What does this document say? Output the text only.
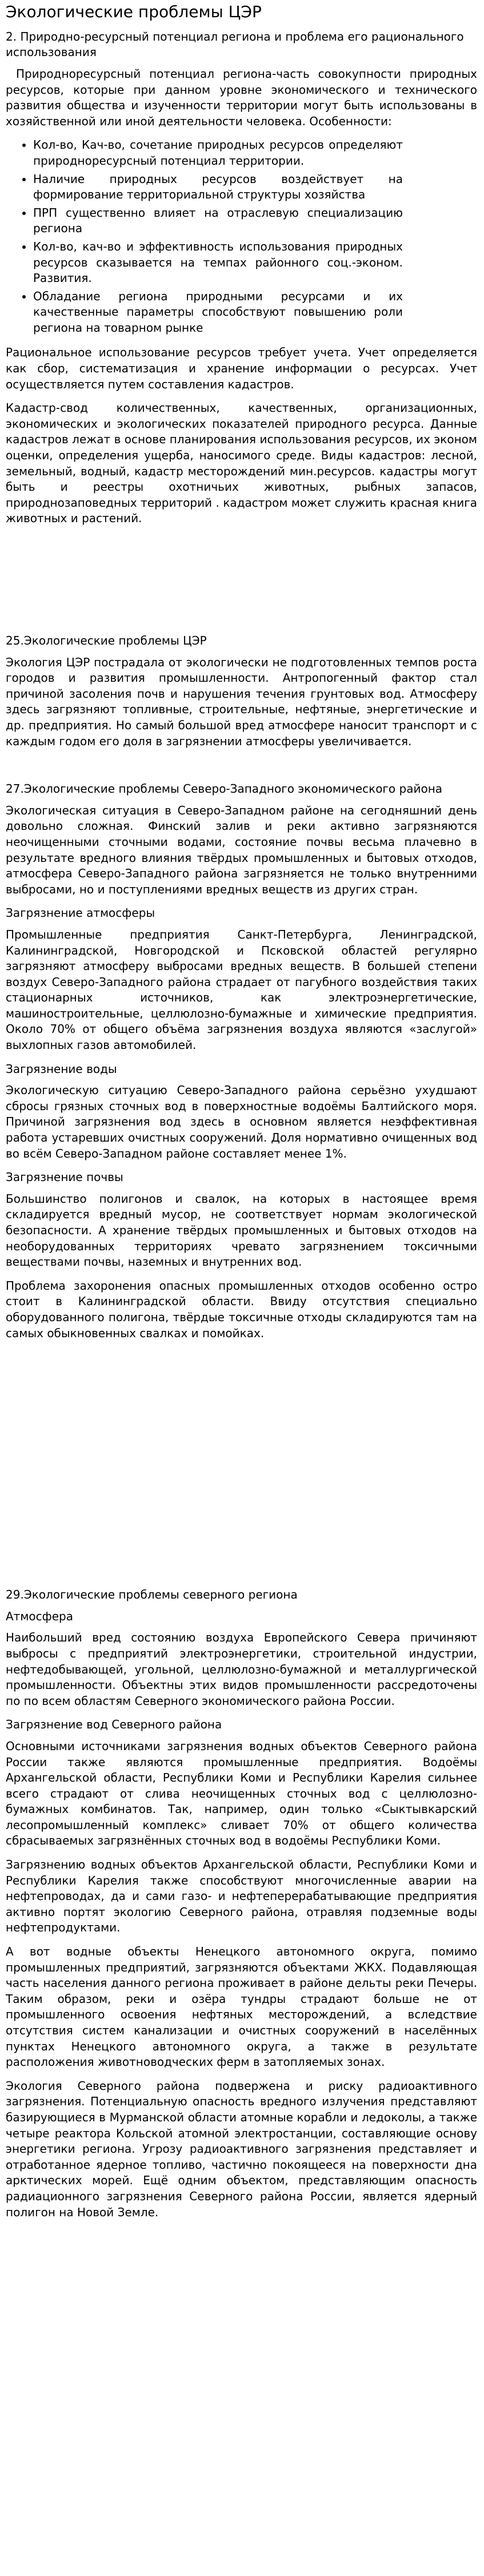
Экологические проблемы ЦЭР
2. Природно-ресурсный потенциал региона и проблема его рационального использования

Природноресурсный потенциал региона-часть совокупности природных ресурсов, которые при данном уровне экономического и технического развития общества и изученности территории могут быть использованы в хозяйственной или иной деятельности человека. Особенности:

• Кол-во, Кач-во, сочетание природных ресурсов определяют природноресурсный потенциал территории.
• Наличие природных ресурсов воздействует на формирование территориальной структуры хозяйства
• ПРП существенно влияет на отраслевую специализацию региона
• Кол-во, кач-во и эффективность использования природных ресурсов сказывается на темпах районного соц.-эконом. Развития.
• Обладание региона природными ресурсами и их качественные параметры способствуют повышению роли региона на товарном рынке

Рациональное использование ресурсов требует учета. Учет определяется как сбор, систематизация и хранение информации о ресурсах. Учет осуществляется путем составления кадастров.

Кадастр-свод количественных, качественных, организационных, экономических и экологических показателей природного ресурса. Данные кадастров лежат в основе планирования использования ресурсов, их эконом оценки, определения ущерба, наносимого среде. Виды кадастров: лесной, земельный, водный, кадастр месторождений мин.ресурсов. кадастры могут быть и реестры охотничьих животных, рыбных запасов, природнозаповедных территорий . кадастром может служить красная книга животных и растений.

25.Экологические проблемы ЦЭР

Экология ЦЭР пострадала от экологически не подготовленных темпов роста городов и развития промышленности. Антропогенный фактор стал причиной засоления почв и нарушения течения грунтовых вод. Атмосферу здесь загрязняют топливные, строительные, нефтяные, энергетические и др. предприятия. Но самый большой вред атмосфере наносит транспорт и с каждым годом его доля в загрязнении атмосферы увеличивается.

27.Экологические проблемы Северо-Западного экономического района

Экологическая ситуация в Северо-Западном районе на сегодняшний день довольно сложная. Финский залив и реки активно загрязняются неочищенными сточными водами, состояние почвы весьма плачевно в результате вредного влияния твёрдых промышленных и бытовых отходов, атмосфера Северо-Западного района загрязняется не только внутренними выбросами, но и поступлениями вредных веществ из других стран.

Загрязнение атмосферы

Промышленные предприятия Санкт-Петербурга, Ленинградской, Калининградской, Новгородской и Псковской областей регулярно загрязняют атмосферу выбросами вредных веществ. В большей степени воздух Северо-Западного района страдает от пагубного воздействия таких стационарных источников, как электроэнергетические, машиностроительные, целлюлозно-бумажные и химические предприятия. Около 70% от общего объёма загрязнения воздуха являются «заслугой» выхлопных газов автомобилей.

Загрязнение воды

Экологическую ситуацию Северо-Западного района серьёзно ухудшают сбросы грязных сточных вод в поверхностные водоёмы Балтийского моря. Причиной загрязнения вод здесь в основном является неэффективная работа устаревших очистных сооружений. Доля нормативно очищенных вод во всём Северо-Западном районе составляет менее 1%.

Загрязнение почвы

Большинство полигонов и свалок, на которых в настоящее время складируется вредный мусор, не соответствует нормам экологической безопасности. А хранение твёрдых промышленных и бытовых отходов на необорудованных территориях чревато загрязнением токсичными веществами почвы, наземных и внутренних вод.

Проблема захоронения опасных промышленных отходов особенно остро стоит в Калининградской области. Ввиду отсутствия специально оборудованного полигона, твёрдые токсичные отходы складируются там на самых обыкновенных свалках и помойках.

29.Экологические проблемы северного региона
Атмосфера

Наибольший вред состоянию воздуха Европейского Севера причиняют выбросы с предприятий электроэнергетики, строительной индустрии, нефтедобывающей, угольной, целлюлозно-бумажной и металлургической промышленности. Объектны этих видов промышленности рассредоточены по по всем областям Северного экономического района России.

Загрязнение вод Северного района

Основными источниками загрязнения водных объектов Северного района России также являются промышленные предприятия. Водоёмы Архангельской области, Республики Коми и Республики Карелия сильнее всего страдают от слива неочищенных сточных вод с целлюлозно-бумажных комбинатов. Так, например, один только «Сыктывкарский лесопромышленный комплекс» сливает 70% от общего количества сбрасываемых загрязнённых сточных вод в водоёмы Республики Коми.

Загрязнению водных объектов Архангельской области, Республики Коми и Республики Карелия также способствуют многочисленные аварии на нефтепроводах, да и сами газо- и нефтеперерабатывающие предприятия активно портят экологию Северного района, отравляя подземные воды нефтепродуктами.

А вот водные объекты Ненецкого автономного округа, помимо промышленных предприятий, загрязняются объектами ЖКХ. Подавляющая часть населения данного региона проживает в районе дельты реки Печеры. Таким образом, реки и озёра тундры страдают больше не от промышленного освоения нефтяных месторождений, а вследствие отсутствия систем канализации и очистных сооружений в населённых пунктах Ненецкого автономного округа, а также в результате расположения животноводческих ферм в затопляемых зонах.

Экология Северного района подвержена и риску радиоактивного загрязнения. Потенциальную опасность вредного излучения представляют базирующиеся в Мурманской области атомные корабли и ледоколы, а также четыре реактора Кольской атомной электростанции, составляющие основу энергетики региона. Угрозу радиоактивного загрязнения представляет и отработанное ядерное топливо, частично покоящееся на поверхности дна арктических морей. Ещё одним объектом, представляющим опасность радиационного загрязнения Северного района России, является ядерный полигон на Новой Земле.
